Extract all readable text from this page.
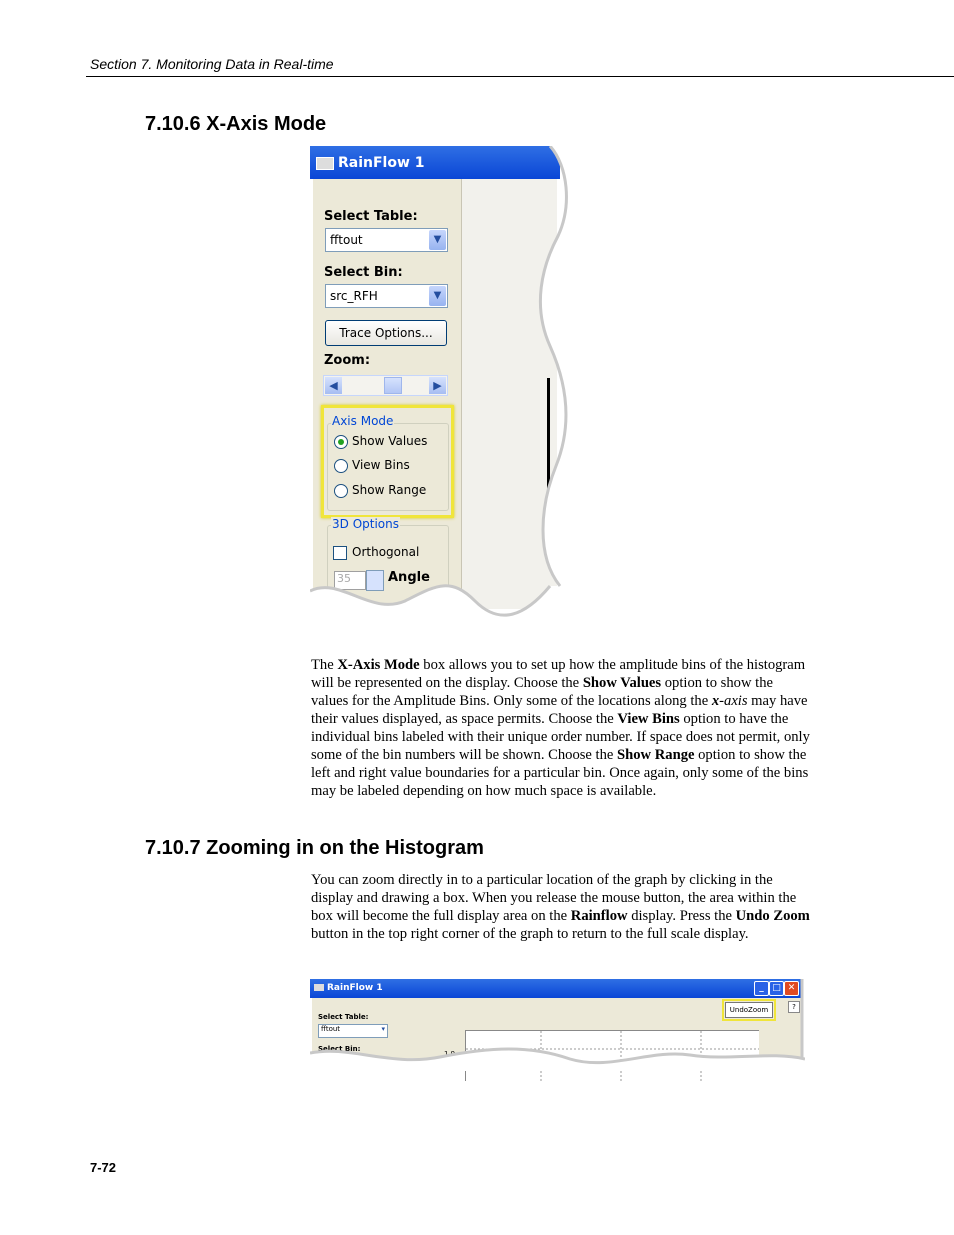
Section 7. Monitoring Data in Real-time
7.10.6 X-Axis Mode
RainFlow 1
Select Table:
fftout	▼
Select Bin:
src_RFH	▼
Trace Options...
Zoom:
◀	▶
Axis Mode
Show Values
View Bins
Show Range
3D Options
Orthogonal
35	Angle
The X-Axis Mode box allows you to set up how the amplitude bins of the histogram will be represented on the display. Choose the Show Values option to show the values for the Amplitude Bins. Only some of the locations along the x-axis may have their values displayed, as space permits. Choose the View Bins option to have the individual bins labeled with their unique order number. If space does not permit, only some of the bin numbers will be shown. Choose the Show Range option to show the left and right value boundaries for a particular bin. Once again, only some of the bins may be labeled depending on how much space is available.
7.10.7 Zooming in on the Histogram
You can zoom directly in to a particular location of the graph by clicking in the display and drawing a box. When you release the mouse button, the area within the box will become the full display area on the Rainflow display. Press the Undo Zoom button in the top right corner of the graph to return to the full scale display.
RainFlow 1	_ □ ✕
Select Table:
fftout	▾
Select Bin:
1.9
UndoZoom	?
7-72
